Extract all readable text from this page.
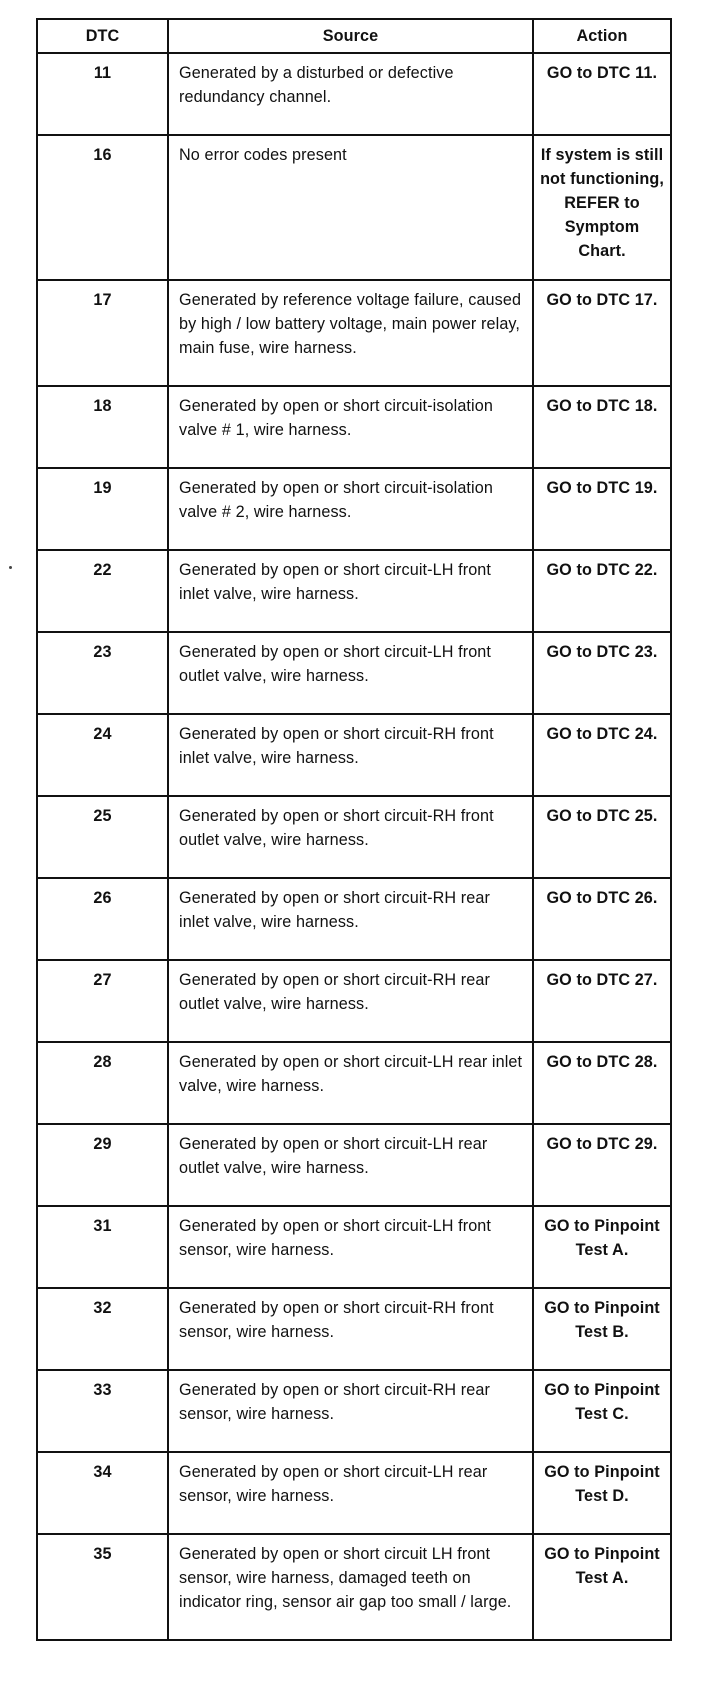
DTC	Source	Action
11	Generated by a disturbed or defective redundancy channel.	GO to DTC 11.
16	No error codes present	If system is still not functioning, REFER to Symptom Chart.
17	Generated by reference voltage failure, caused by high / low battery voltage, main power relay, main fuse, wire harness.	GO to DTC 17.
18	Generated by open or short circuit-isolation valve # 1, wire harness.	GO to DTC 18.
19	Generated by open or short circuit-isolation valve # 2, wire harness.	GO to DTC 19.
22	Generated by open or short circuit-LH front inlet valve, wire harness.	GO to DTC 22.
23	Generated by open or short circuit-LH front outlet valve, wire harness.	GO to DTC 23.
24	Generated by open or short circuit-RH front inlet valve, wire harness.	GO to DTC 24.
25	Generated by open or short circuit-RH front outlet valve, wire harness.	GO to DTC 25.
26	Generated by open or short circuit-RH rear inlet valve, wire harness.	GO to DTC 26.
27	Generated by open or short circuit-RH rear outlet valve, wire harness.	GO to DTC 27.
28	Generated by open or short circuit-LH rear inlet valve, wire harness.	GO to DTC 28.
29	Generated by open or short circuit-LH rear outlet valve, wire harness.	GO to DTC 29.
31	Generated by open or short circuit-LH front sensor, wire harness.	GO to Pinpoint Test A.
32	Generated by open or short circuit-RH front sensor, wire harness.	GO to Pinpoint Test B.
33	Generated by open or short circuit-RH rear sensor, wire harness.	GO to Pinpoint Test C.
34	Generated by open or short circuit-LH rear sensor, wire harness.	GO to Pinpoint Test D.
35	Generated by open or short circuit LH front sensor, wire harness, damaged teeth on indicator ring, sensor air gap too small / large.	GO to Pinpoint Test A.
